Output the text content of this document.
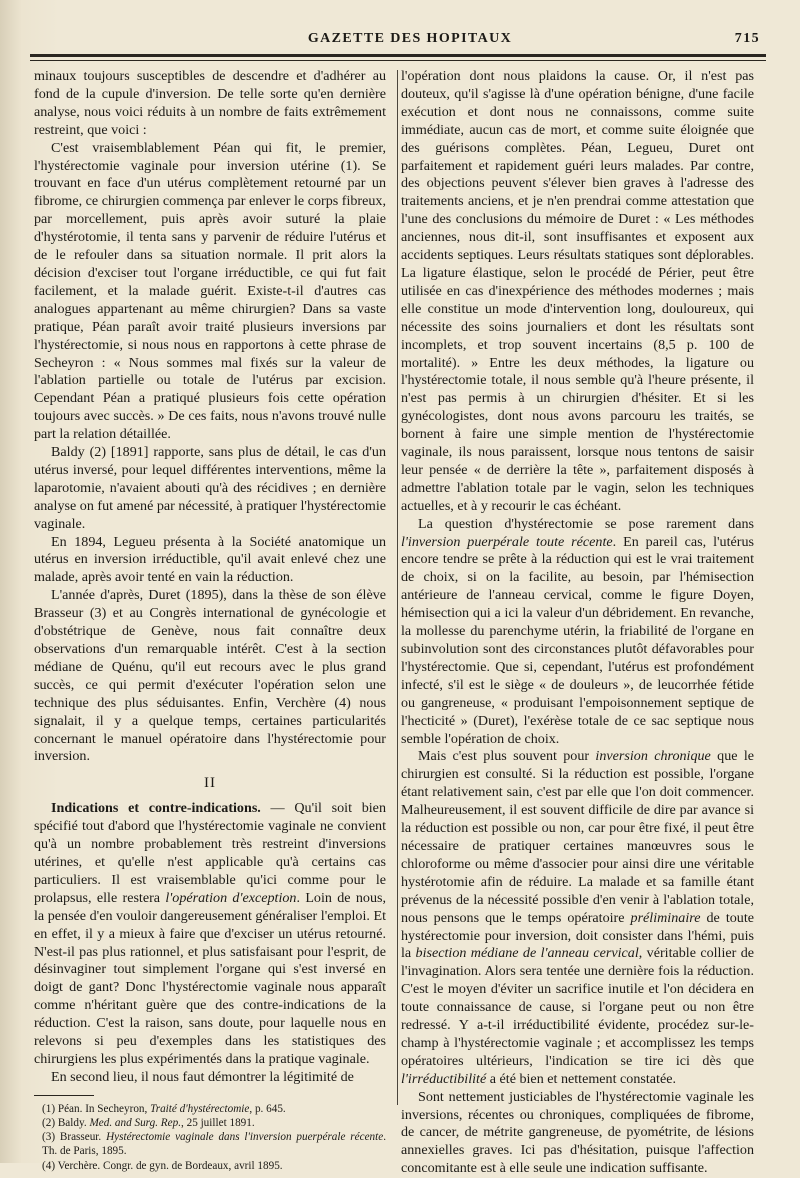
GAZETTE DES HOPITAUX	715

minaux toujours susceptibles de descendre et d'adhérer au fond de la cupule d'inversion. De telle sorte qu'en dernière analyse, nous voici réduits à un nombre de faits extrêmement restreint, que voici :

C'est vraisemblablement Péan qui fit, le premier, l'hystérectomie vaginale pour inversion utérine (1). Se trouvant en face d'un utérus complètement retourné par un fibrome, ce chirurgien commença par enlever le corps fibreux, par morcellement, puis après avoir suturé la plaie d'hystérotomie, il tenta sans y parvenir de réduire l'utérus et de le refouler dans sa situation normale. Il prit alors la décision d'exciser tout l'organe irréductible, ce qui fut fait facilement, et la malade guérit. Existe-t-il d'autres cas analogues appartenant au même chirurgien? Dans sa vaste pratique, Péan paraît avoir traité plusieurs inversions par l'hystérectomie, si nous nous en rapportons à cette phrase de Secheyron : « Nous sommes mal fixés sur la valeur de l'ablation partielle ou totale de l'utérus par excision. Cependant Péan a pratiqué plusieurs fois cette opération toujours avec succès. » De ces faits, nous n'avons trouvé nulle part la relation détaillée.

Baldy (2) [1891] rapporte, sans plus de détail, le cas d'un utérus inversé, pour lequel différentes interventions, même la laparotomie, n'avaient abouti qu'à des récidives ; en dernière analyse on fut amené par nécessité, à pratiquer l'hystérectomie vaginale.

En 1894, Legueu présenta à la Société anatomique un utérus en inversion irréductible, qu'il avait enlevé chez une malade, après avoir tenté en vain la réduction.

L'année d'après, Duret (1895), dans la thèse de son élève Brasseur (3) et au Congrès international de gynécologie et d'obstétrique de Genève, nous fait connaître deux observations d'un remarquable intérêt. C'est à la section médiane de Quénu, qu'il eut recours avec le plus grand succès, ce qui permit d'exécuter l'opération selon une technique des plus séduisantes. Enfin, Verchère (4) nous signalait, il y a quelque temps, certaines particularités concernant le manuel opératoire dans l'hystérectomie pour inversion.

II

Indications et contre-indications. — Qu'il soit bien spécifié tout d'abord que l'hystérectomie vaginale ne convient qu'à un nombre probablement très restreint d'inversions utérines, et qu'elle n'est applicable qu'à certains cas particuliers. Il est vraisemblable qu'ici comme pour le prolapsus, elle restera l'opération d'exception. Loin de nous, la pensée d'en vouloir dangereusement généraliser l'emploi. Et en effet, il y a mieux à faire que d'exciser un utérus retourné. N'est-il pas plus rationnel, et plus satisfaisant pour l'esprit, de désinvaginer tout simplement l'organe qui s'est inversé en doigt de gant? Donc l'hystérectomie vaginale nous apparaît comme n'héritant guère que des contre-indications de la réduction. C'est la raison, sans doute, pour laquelle nous en relevons si peu d'exemples dans les statistiques des chirurgiens les plus expérimentés dans la pratique vaginale.

En second lieu, il nous faut démontrer la légitimité de

(1) Péan. In Secheyron, Traité d'hystérectomie, p. 645.
(2) Baldy. Med. and Surg. Rep., 25 juillet 1891.
(3) Brasseur. Hystérectomie vaginale dans l'inversion puerpérale récente. Th. de Paris, 1895.
(4) Verchère. Congr. de gyn. de Bordeaux, avril 1895.

l'opération dont nous plaidons la cause. Or, il n'est pas douteux, qu'il s'agisse là d'une opération bénigne, d'une facile exécution et dont nous ne connaissons, comme suite immédiate, aucun cas de mort, et comme suite éloignée que des guérisons complètes. Péan, Legueu, Duret ont parfaitement et rapidement guéri leurs malades. Par contre, des objections peuvent s'élever bien graves à l'adresse des traitements anciens, et je n'en prendrai comme attestation que l'une des conclusions du mémoire de Duret : « Les méthodes anciennes, nous dit-il, sont insuffisantes et exposent aux accidents septiques. Leurs résultats statiques sont déplorables. La ligature élastique, selon le procédé de Périer, peut être utilisée en cas d'inexpérience des méthodes modernes ; mais elle constitue un mode d'intervention long, douloureux, qui nécessite des soins journaliers et dont les résultats sont incomplets, et trop souvent incertains (8,5 p. 100 de mortalité). » Entre les deux méthodes, la ligature ou l'hystérectomie totale, il nous semble qu'à l'heure présente, il n'est pas permis à un chirurgien d'hésiter. Et si les gynécologistes, dont nous avons parcouru les traités, se bornent à faire une simple mention de l'hystérectomie vaginale, ils nous paraissent, lorsque nous tentons de saisir leur pensée « de derrière la tête », parfaitement disposés à admettre l'ablation totale par le vagin, selon les techniques actuelles, et à y recourir le cas échéant.

La question d'hystérectomie se pose rarement dans l'inversion puerpérale toute récente. En pareil cas, l'utérus encore tendre se prête à la réduction qui est le vrai traitement de choix, si on la facilite, au besoin, par l'hémisection antérieure de l'anneau cervical, comme le figure Doyen, hémisection qui a ici la valeur d'un débridement. En revanche, la mollesse du parenchyme utérin, la friabilité de l'organe en subinvolution sont des circonstances plutôt défavorables pour l'hystérectomie. Que si, cependant, l'utérus est profondément infecté, s'il est le siège « de douleurs », de leucorrhée fétide ou gangreneuse, « produisant l'empoisonnement septique de l'hecticité » (Duret), l'exérèse totale de ce sac septique nous semble l'opération de choix.

Mais c'est plus souvent pour inversion chronique que le chirurgien est consulté. Si la réduction est possible, l'organe étant relativement sain, c'est par elle que l'on doit commencer. Malheureusement, il est souvent difficile de dire par avance si la réduction est possible ou non, car pour être fixé, il peut être nécessaire de pratiquer certaines manœuvres sous le chloroforme ou même d'associer pour ainsi dire une véritable hystérotomie afin de réduire. La malade et sa famille étant prévenus de la nécessité possible d'en venir à l'ablation totale, nous pensons que le temps opératoire préliminaire de toute hystérectomie pour inversion, doit consister dans l'hémi, puis la bisection médiane de l'anneau cervical, véritable collier de l'invagination. Alors sera tentée une dernière fois la réduction. C'est le moyen d'éviter un sacrifice inutile et l'on décidera en toute connaissance de cause, si l'organe peut ou non être redressé. Y a-t-il irréductibilité évidente, procédez sur-le-champ à l'hystérectomie vaginale ; et accomplissez les temps opératoires ultérieurs, l'indication se tire ici dès que l'irréductibilité a été bien et nettement constatée.

Sont nettement justiciables de l'hystérectomie vaginale les inversions, récentes ou chroniques, compliquées de fibrome, de cancer, de métrite gangreneuse, de pyométrite, de lésions annexielles graves. Ici pas d'hésitation, puisque l'affection concomitante est à elle seule une indication suffisante.
